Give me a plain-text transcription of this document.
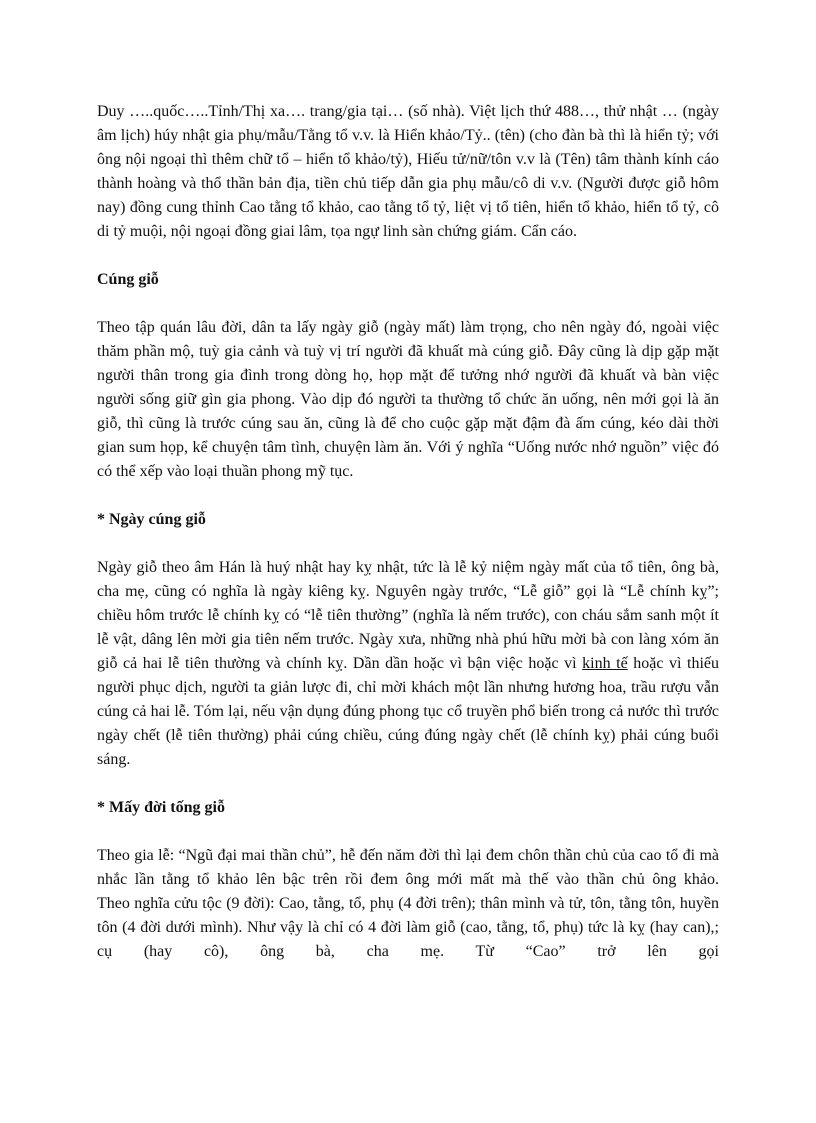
Duy …..quốc…..Tỉnh/Thị xa…. trang/gia tại… (số nhà). Việt lịch thứ 488…, thử nhật … (ngày âm lịch) húy nhật gia phụ/mẫu/Tằng tổ v.v. là Hiển khảo/Tỷ.. (tên) (cho đàn bà thì là hiển tỷ; với ông nội ngoại thì thêm chữ tổ – hiển tổ khảo/tỷ), Hiếu tử/nữ/tôn v.v là (Tên) tâm thành kính cáo thành hoàng và thổ thần bản địa, tiền chủ tiếp dẫn gia phụ mẫu/cô di v.v. (Người được giỗ hôm nay) đồng cung thỉnh Cao tằng tổ khảo, cao tằng tổ tỷ, liệt vị tổ tiên, hiển tổ khảo, hiển tổ tỷ, cô di tỷ muội, nội ngoại đồng giai lâm, tọa ngự linh sàn chứng giám. Cẩn cáo.

Cúng giỗ

Theo tập quán lâu đời, dân ta lấy ngày giỗ (ngày mất) làm trọng, cho nên ngày đó, ngoài việc thăm phần mộ, tuỳ gia cảnh và tuỳ vị trí người đã khuất mà cúng giỗ. Đây cũng là dịp gặp mặt người thân trong gia đình trong dòng họ, họp mặt để tưởng nhớ người đã khuất và bàn việc người sống giữ gìn gia phong. Vào dịp đó người ta thường tổ chức ăn uống, nên mới gọi là ăn giỗ, thì cũng là trước cúng sau ăn, cũng là để cho cuộc gặp mặt đậm đà ấm cúng, kéo dài thời gian sum họp, kể chuyện tâm tình, chuyện làm ăn. Với ý nghĩa “Uống nước nhớ nguồn” việc đó có thể xếp vào loại thuần phong mỹ tục.

* Ngày cúng giỗ

Ngày giỗ theo âm Hán là huý nhật hay kỵ nhật, tức là lễ kỷ niệm ngày mất của tổ tiên, ông bà, cha mẹ, cũng có nghĩa là ngày kiêng kỵ. Nguyên ngày trước, “Lễ giỗ” gọi là “Lễ chính kỵ”; chiều hôm trước lễ chính kỵ có “lễ tiên thường” (nghĩa là nếm trước), con cháu sắm sanh một ít lễ vật, dâng lên mời gia tiên nếm trước. Ngày xưa, những nhà phú hữu mời bà con làng xóm ăn giỗ cả hai lễ tiên thường và chính kỵ. Dần dần hoặc vì bận việc hoặc vì kinh tế hoặc vì thiếu người phục dịch, người ta giản lược đi, chỉ mời khách một lần nhưng hương hoa, trầu rượu vẫn cúng cả hai lễ. Tóm lại, nếu vận dụng đúng phong tục cổ truyền phổ biến trong cả nước thì trước ngày chết (lễ tiên thường) phải cúng chiều, cúng đúng ngày chết (lễ chính kỵ) phải cúng buổi sáng.

* Mấy đời tống giỗ

Theo gia lễ: “Ngũ đại mai thần chủ”, hễ đến năm đời thì lại đem chôn thần chủ của cao tổ đi mà nhắc lần tằng tổ khảo lên bậc trên rồi đem ông mới mất mà thế vào thần chủ ông khảo.

Theo nghĩa cửu tộc (9 đời): Cao, tằng, tổ, phụ (4 đời trên); thân mình và tử, tôn, tằng tôn, huyền tôn (4 đời dưới mình). Như vậy là chỉ có 4 đời làm giỗ (cao, tằng, tổ, phụ) tức là kỵ (hay can),; cụ (hay cô), ông bà, cha mẹ. Từ “Cao” trở lên gọi
